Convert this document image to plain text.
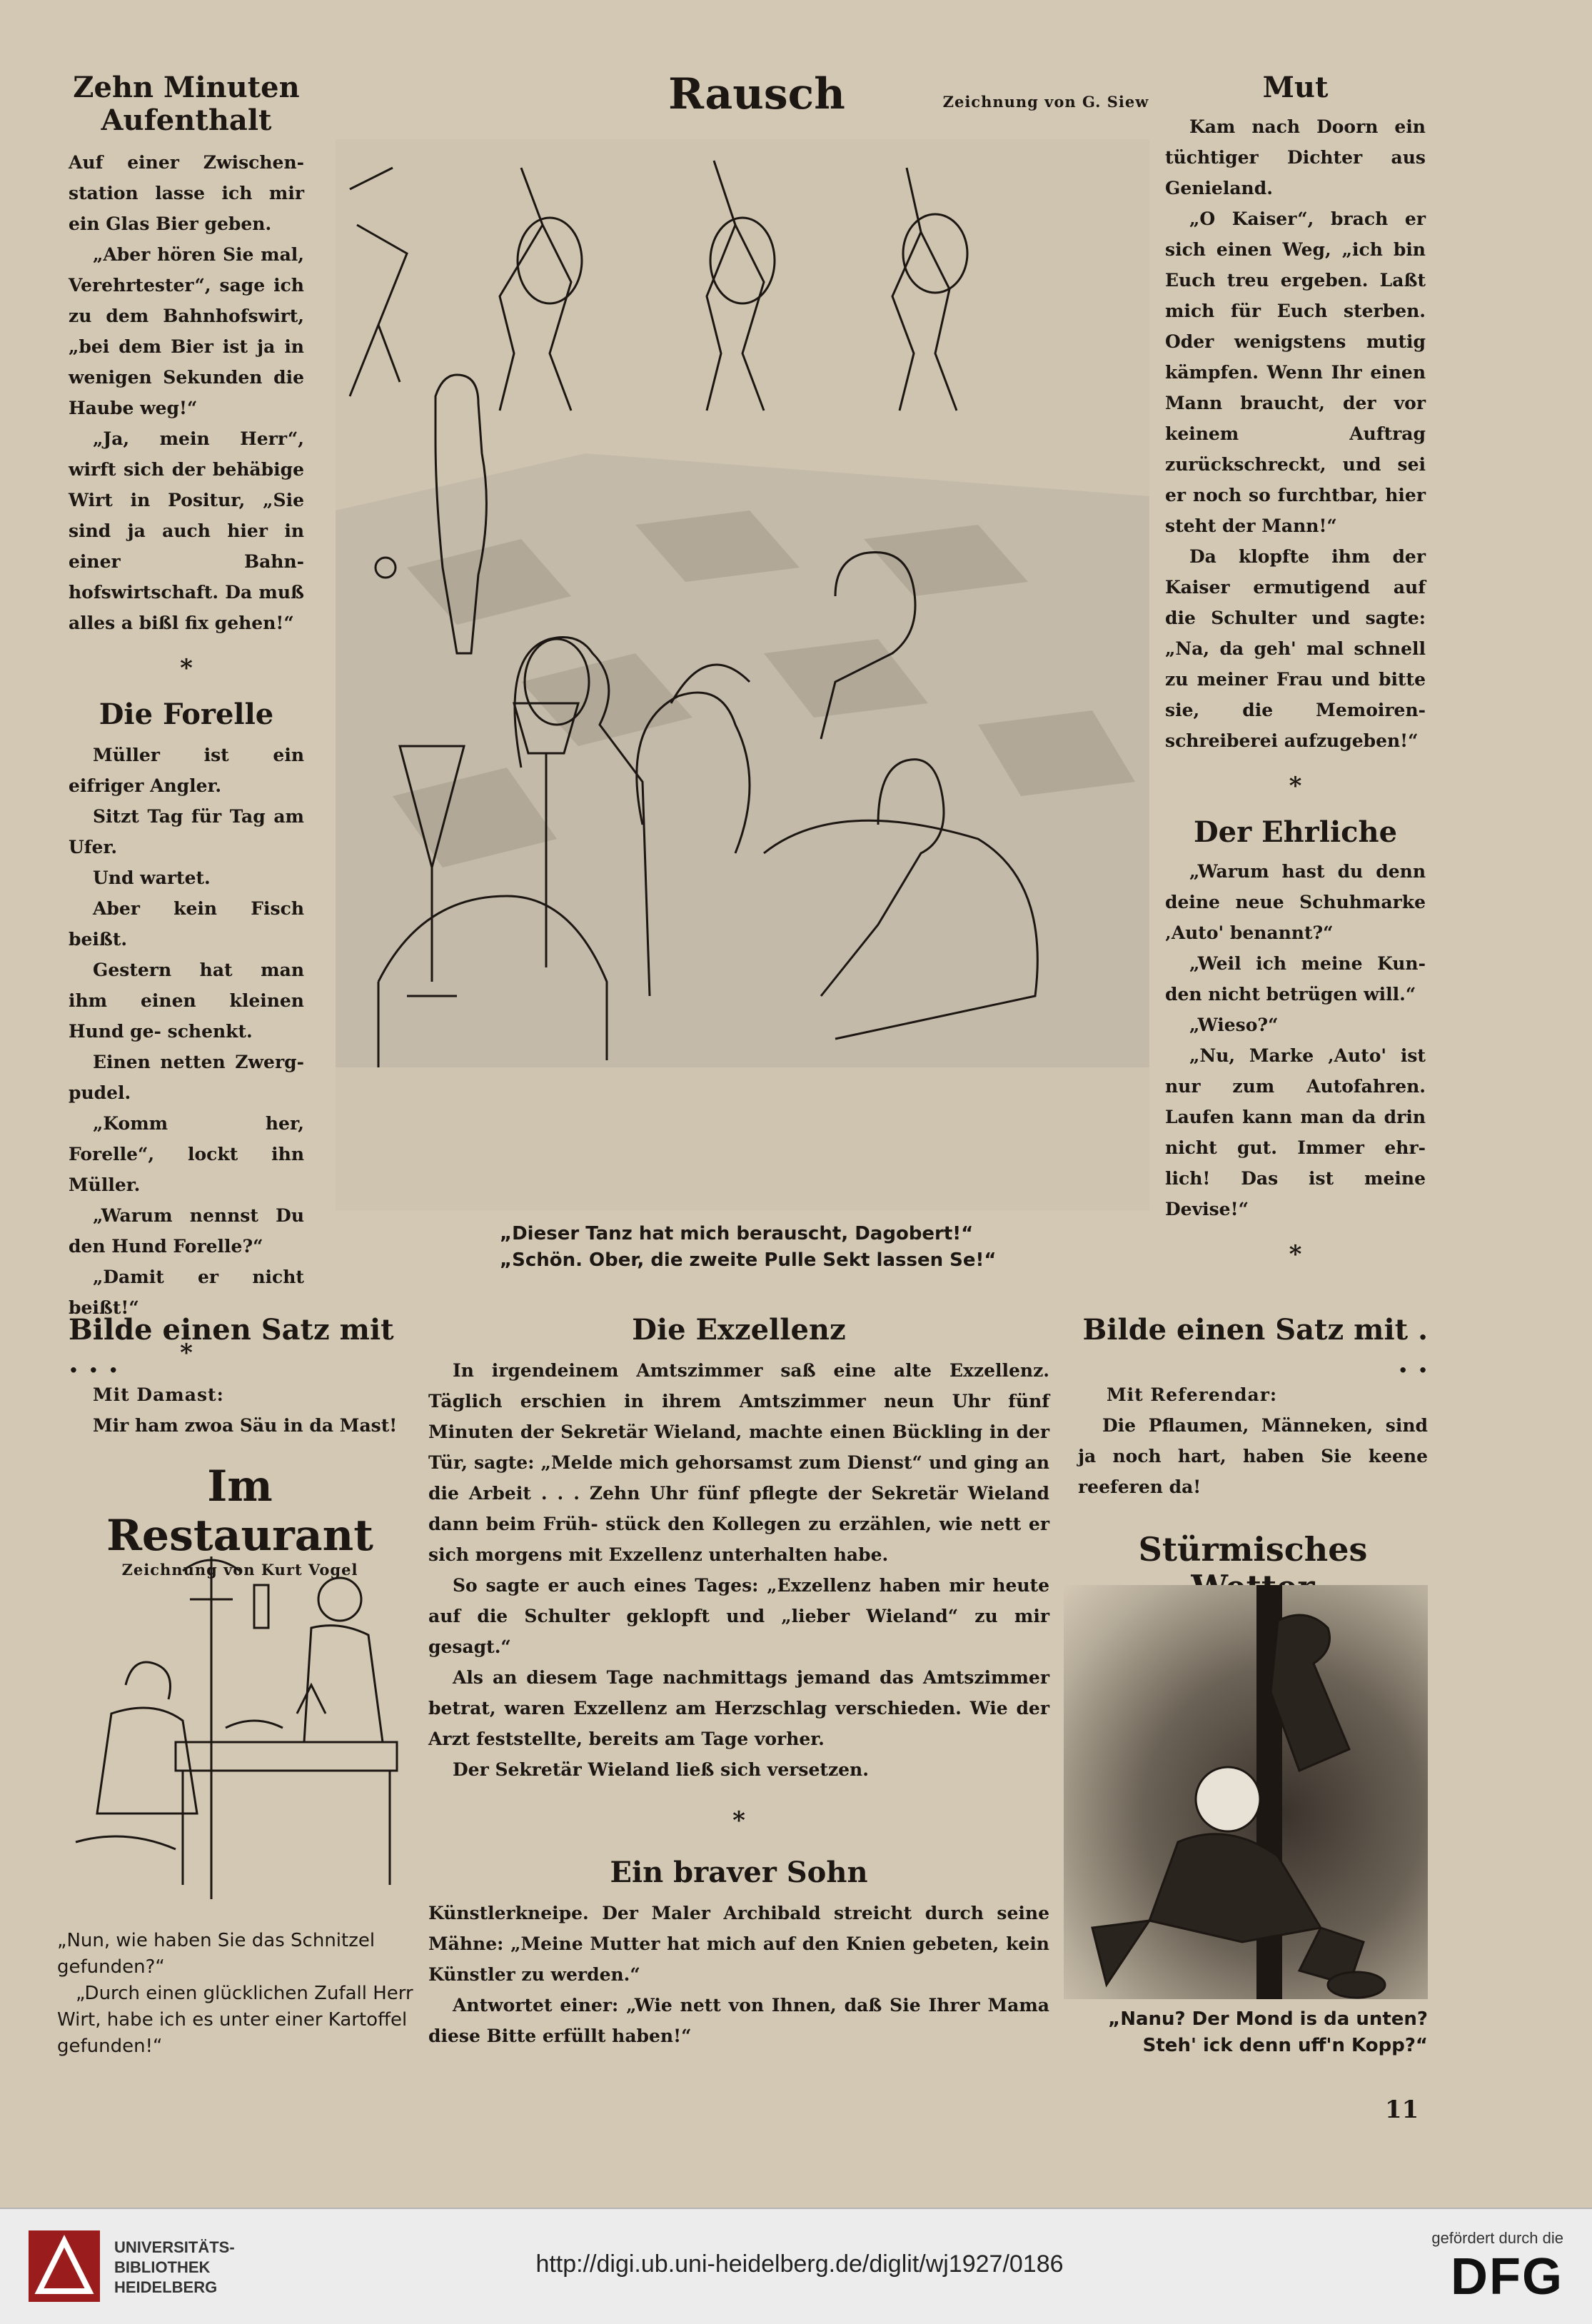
Zehn Minuten Aufenthalt

Auf einer Zwischen- station lasse ich mir ein Glas Bier geben.

„Aber hören Sie mal, Verehrtester“, sage ich zu dem Bahnhofswirt, „bei dem Bier ist ja in wenigen Sekunden die Haube weg!“

„Ja, mein Herr“, wirft sich der behäbige Wirt in Positur, „Sie sind ja auch hier in einer Bahn- hofswirtschaft. Da muß alles a bißl fix gehen!“

*
Die Forelle

Müller ist ein eifriger Angler.

Sitzt Tag für Tag am Ufer.

Und wartet.

Aber kein Fisch beißt.

Gestern hat man ihm einen kleinen Hund ge- schenkt.

Einen netten Zwerg- pudel.

„Komm her, Forelle“, lockt ihn Müller.

„Warum nennst Du den Hund Forelle?“

„Damit er nicht beißt!“

*
Rausch	Zeichnung von G. Siew
„Dieser Tanz hat mich berauscht, Dagobert!“
„Schön. Ober, die zweite Pulle Sekt lassen Se!“
Mut

Kam nach Doorn ein tüchtiger Dichter aus Genieland.

„O Kaiser“, brach er sich einen Weg, „ich bin Euch treu ergeben. Laßt mich für Euch sterben. Oder wenigstens mutig kämpfen. Wenn Ihr einen Mann braucht, der vor keinem Auftrag zurückschreckt, und sei er noch so furchtbar, hier steht der Mann!“

Da klopfte ihm der Kaiser ermutigend auf die Schulter und sagte: „Na, da geh' mal schnell zu meiner Frau und bitte sie, die Memoiren- schreiberei aufzugeben!“

*
Der Ehrliche

„Warum hast du denn deine neue Schuhmarke ‚Auto' benannt?“

„Weil ich meine Kun- den nicht betrügen will.“

„Wieso?“

„Nu, Marke ‚Auto' ist nur zum Autofahren. Laufen kann man da drin nicht gut. Immer ehr- lich! Das ist meine Devise!“

*
Bilde einen Satz mit . . .

Mit Damast:

Mir ham zwoa Säu in da Mast!

Im Restaurant
Zeichnung von Kurt Vogel
„Nun, wie haben Sie das Schnitzel gefunden?“
„Durch einen glücklichen Zufall Herr Wirt, habe ich es unter einer Kartoffel gefunden!“
Die Exzellenz

In irgendeinem Amtszimmer saß eine alte Exzellenz. Täglich erschien in ihrem Amtszimmer neun Uhr fünf Minuten der Sekretär Wieland, machte einen Bückling in der Tür, sagte: „Melde mich gehorsamst zum Dienst“ und ging an die Arbeit . . . Zehn Uhr fünf pflegte der Sekretär Wieland dann beim Früh- stück den Kollegen zu erzählen, wie nett er sich morgens mit Exzellenz unterhalten habe.

So sagte er auch eines Tages: „Exzellenz haben mir heute auf die Schulter geklopft und „lieber Wieland“ zu mir gesagt.“

Als an diesem Tage nachmittags jemand das Amtszimmer betrat, waren Exzellenz am Herzschlag verschieden. Wie der Arzt feststellte, bereits am Tage vorher.

Der Sekretär Wieland ließ sich versetzen.

*
Ein braver Sohn

Künstlerkneipe. Der Maler Archibald streicht durch seine Mähne: „Meine Mutter hat mich auf den Knien gebeten, kein Künstler zu werden.“

Antwortet einer: „Wie nett von Ihnen, daß Sie Ihrer Mama diese Bitte erfüllt haben!“

Bilde einen Satz mit . . .

Mit Referendar:

Die Pflaumen, Männeken, sind ja noch hart, haben Sie keene reeferen da!

Stürmisches
„Nanu? Der Mond is da unten?
Steh' ick denn uff'n Kopp?“
11
UNIVERSITÄTS-
BIBLIOTHEK
HEIDELBERG
http://digi.ub.uni-heidelberg.de/diglit/wj1927/0186
gefördert durch die
DFG
